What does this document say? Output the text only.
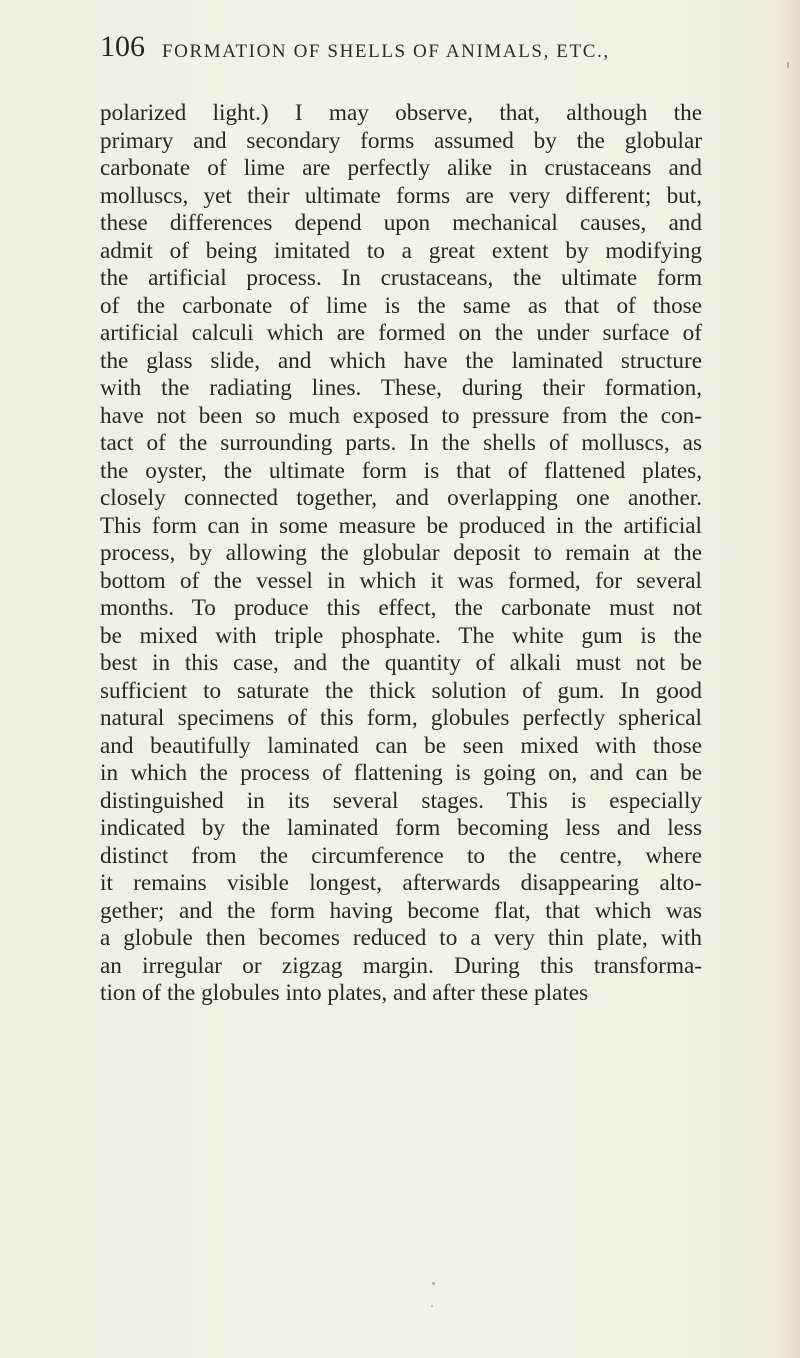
106 FORMATION OF SHELLS OF ANIMALS, ETC.,
polarized light.) I may observe, that, although the
primary and secondary forms assumed by the globular
carbonate of lime are perfectly alike in crustaceans and
molluscs, yet their ultimate forms are very different; but,
these differences depend upon mechanical causes, and
admit of being imitated to a great extent by modifying
the artificial process. In crustaceans, the ultimate form
of the carbonate of lime is the same as that of those
artificial calculi which are formed on the under surface of
the glass slide, and which have the laminated structure
with the radiating lines. These, during their formation,
have not been so much exposed to pressure from the con-
tact of the surrounding parts. In the shells of molluscs, as
the oyster, the ultimate form is that of flattened plates,
closely connected together, and overlapping one another.
This form can in some measure be produced in the artificial
process, by allowing the globular deposit to remain at the
bottom of the vessel in which it was formed, for several
months. To produce this effect, the carbonate must not
be mixed with triple phosphate. The white gum is the
best in this case, and the quantity of alkali must not be
sufficient to saturate the thick solution of gum. In good
natural specimens of this form, globules perfectly spherical
and beautifully laminated can be seen mixed with those
in which the process of flattening is going on, and can be
distinguished in its several stages. This is especially
indicated by the laminated form becoming less and less
distinct from the circumference to the centre, where
it remains visible longest, afterwards disappearing alto-
gether; and the form having become flat, that which was
a globule then becomes reduced to a very thin plate, with
an irregular or zigzag margin. During this transforma-
tion of the globules into plates, and after these plates
